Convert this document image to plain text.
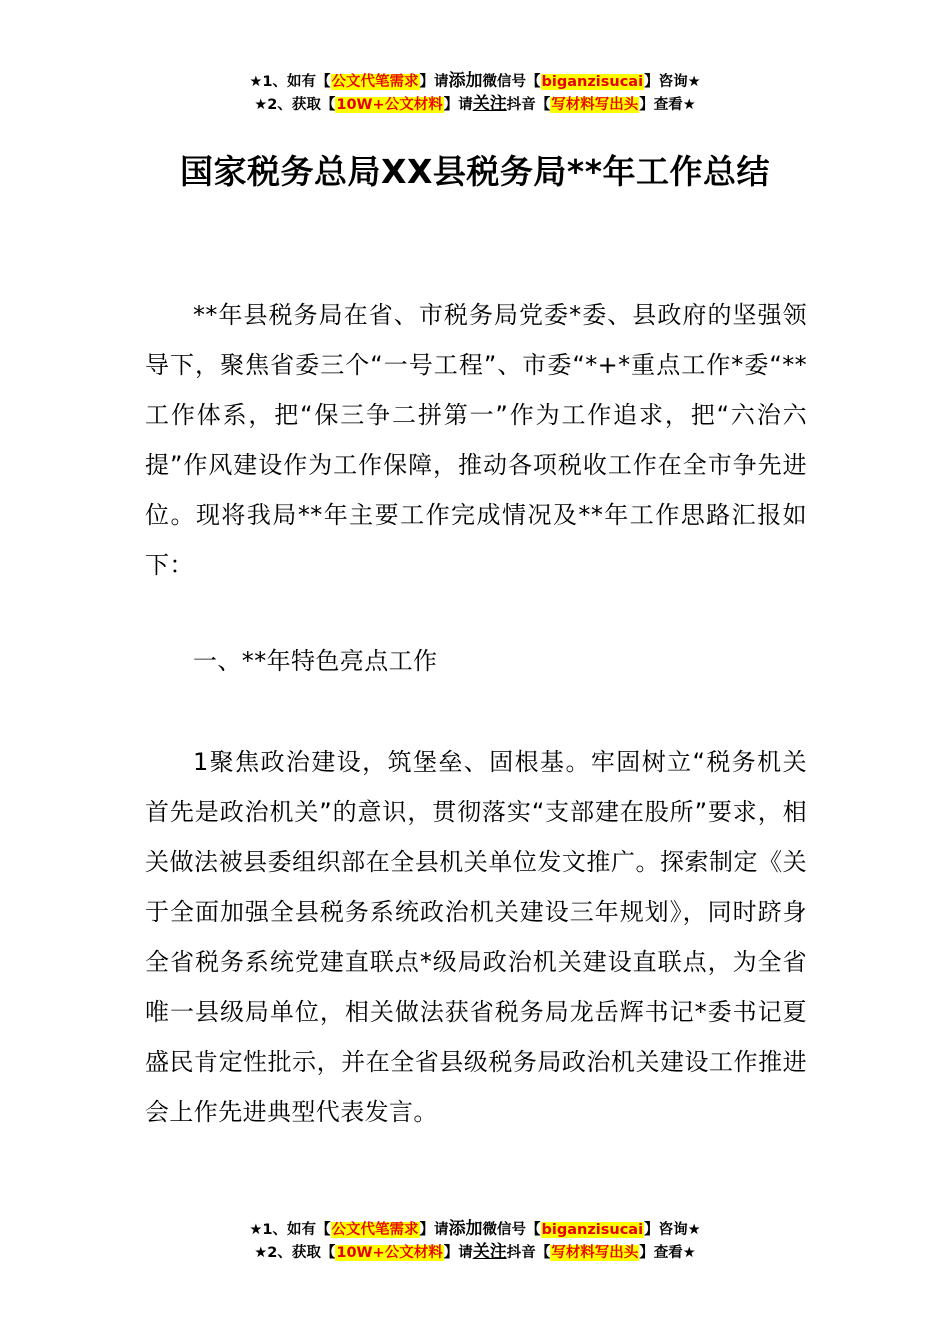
★1、如有【公文代笔需求】请添加微信号【biganzisucai】咨询★
★2、获取【10W+公文材料】请关注抖音【写材料写出头】查看★
国家税务总局XX县税务局**年工作总结
**年县税务局在省、市税务局党委*委、县政府的坚强领导下，聚焦省委三个“一号工程”、市委“*+*重点工作*委“**工作体系，把“保三争二拼第一”作为工作追求，把“六治六提”作风建设作为工作保障，推动各项税收工作在全市争先进位。现将我局**年主要工作完成情况及**年工作思路汇报如下：
一、**年特色亮点工作
1聚焦政治建设，筑堡垒、固根基。牢固树立“税务机关首先是政治机关”的意识，贯彻落实“支部建在股所”要求，相关做法被县委组织部在全县机关单位发文推广。探索制定《关于全面加强全县税务系统政治机关建设三年规划》，同时跻身全省税务系统党建直联点*级局政治机关建设直联点，为全省唯一县级局单位，相关做法获省税务局龙岳辉书记*委书记夏盛民肯定性批示，并在全省县级税务局政治机关建设工作推进会上作先进典型代表发言。
★1、如有【公文代笔需求】请添加微信号【biganzisucai】咨询★
★2、获取【10W+公文材料】请关注抖音【写材料写出头】查看★
